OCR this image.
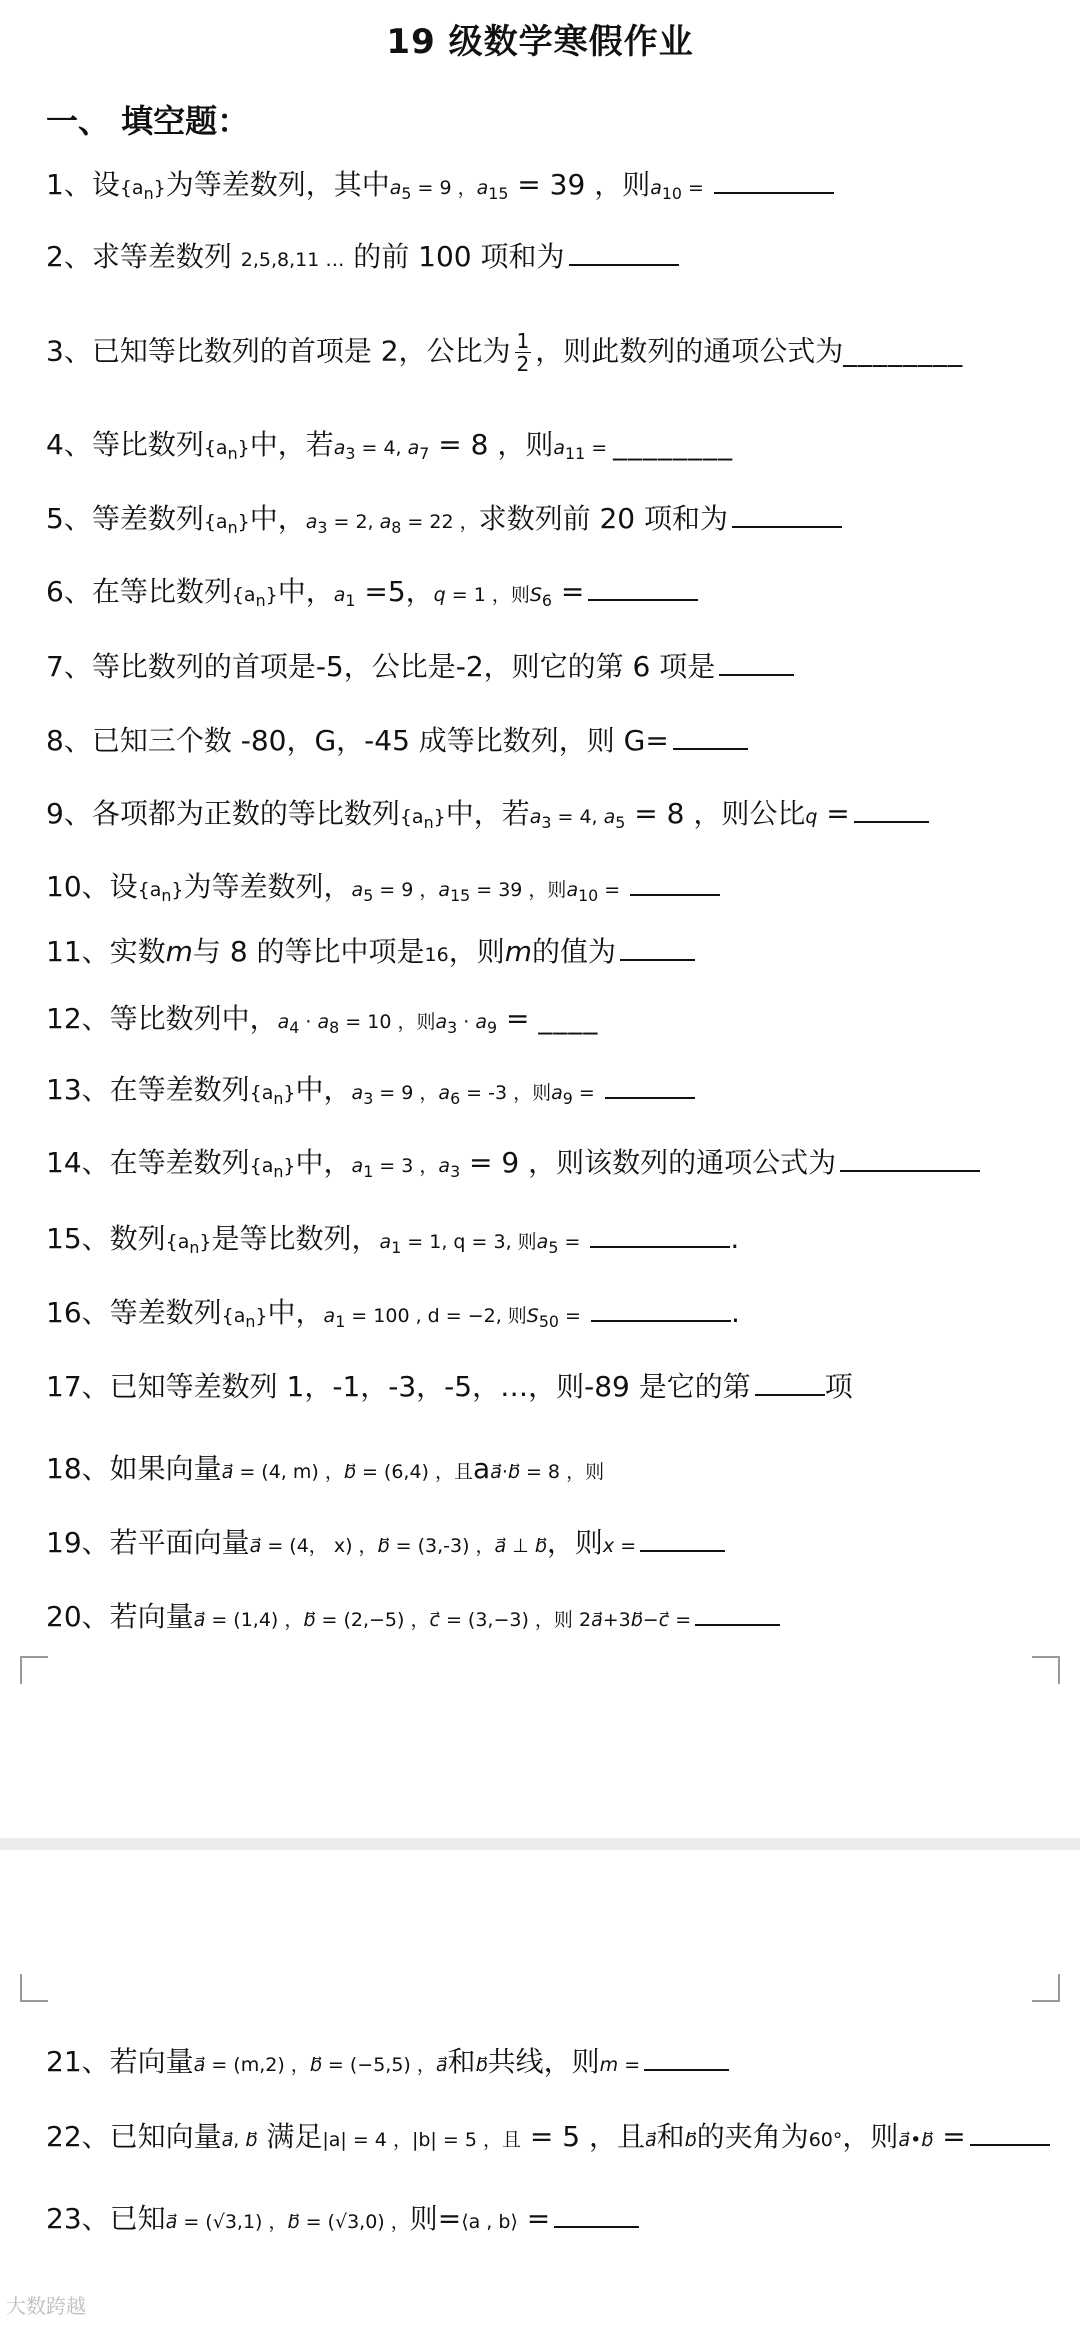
19 级数学寒假作业
一、 填空题：
1、设$\{a_n\}$为等差数列，其中$a_5 = 9$ ，$a_{15} = 39$ ，则$a_{10}$ =
2、求等差数列 2,5,8,11 … 的前 100 项和为
3、已知等比数列的首项是 2，公比为 $\frac{1}{2}$ ，则此数列的通项公式为________
4、等比数列$\{a_n\}$中，若$a_3 = 4$, $a_7 = 8$ ，则$a_{11}$ = ________
5、等差数列$\{a_n\}$中，$a_3 = 2$, $a_8 = 22$ ，求数列前 20 项和为
6、在等比数列$\{a_n\}$中，$a_1 =5$，q = 1 ，则$S_6$ =
7、等比数列的首项是-5，公比是-2，则它的第 6 项是
8、已知三个数 -80，G，-45 成等比数列，则 G=
9、各项都为正数的等比数列$\{a_n\}$中，若$a_3 = 4$, $a_5 = 8$ ，则公比q =
10、设$\{a_n\}$为等差数列，$a_5 = 9$ ，$a_{15} = 39$ ，则$a_{10}$ =
11、实数m与 8 的等比中项是16，则m的值为
12、等比数列中，$a_4 \cdot a_8 = 10$ ，则$a_3 \cdot a_9$ = ____
13、在等差数列$\{a_n\}$中，$a_3 = 9$ ，$a_6 = -3$ ，则$a_9$ =
14、在等差数列$\{a_n\}$中，$a_1 = 3$ ，$a_3 = 9$ ，则该数列的通项公式为
15、数列$\{a_n\}$是等比数列，$a_1 = 1$, q = 3, 则$a_5$ =	.
16、等差数列$\{a_n\}$中，$a_1 = 100$ , d = −2, 则$S_{50}$ =	.
17、已知等差数列 1，-1，-3，-5，…，则-89 是它的第	项
18、如果向量a = (4, m) ，b = (6,4) ，且aa·b = 8 ，则
19、若平面向量a = (4， x) ，b = (3,-3) ，a ⊥ b，则x =
20、若向量a = (1,4) ，b = (2,−5) ，c = (3,−3) ，则 2a+3b−c =
21、若向量a = (m,2) ，b = (−5,5) ，a和b共线，则m =
22、已知向量a, b 满足|a| = 4 ，|b| = 5 ，且 = 5 ，且a和b的夹角为60°，则a•b =
23、已知a = (√3,1) ，b = (√3,0) ，则=⟨a , b⟩ =
大数跨越
